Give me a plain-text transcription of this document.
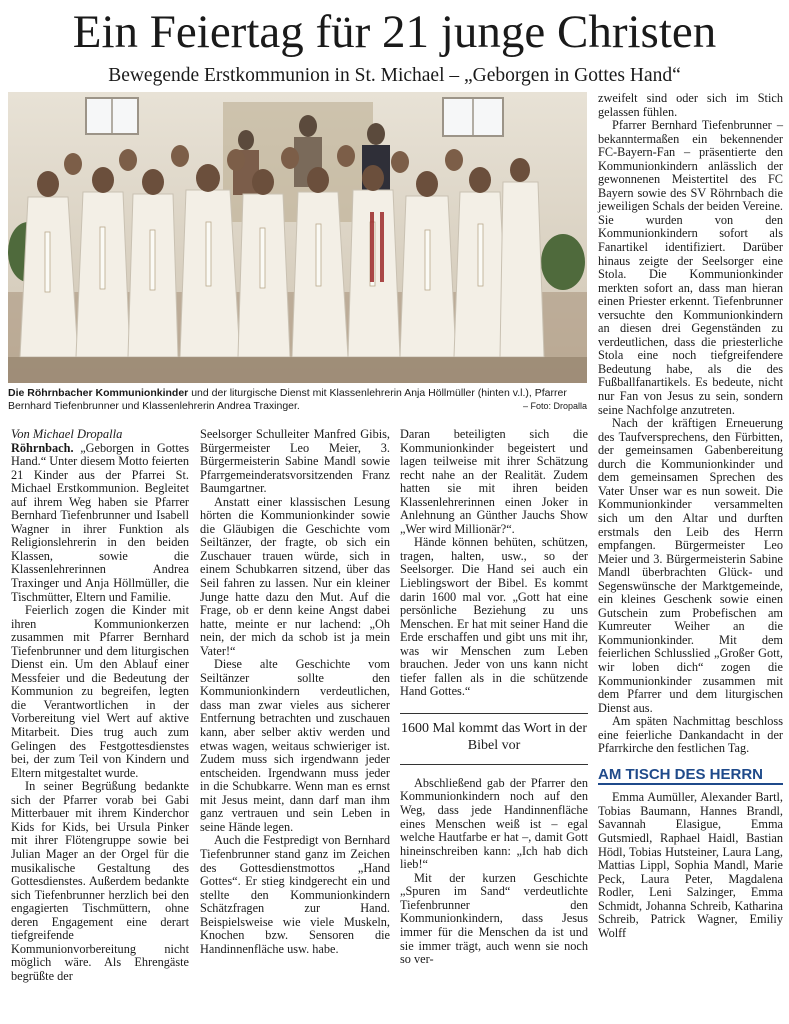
Ein Feiertag für 21 junge Christen
Bewegende Erstkommunion in St. Michael – „Geborgen in Gottes Hand“

Die Röhrnbacher Kommunionkinder und der liturgische Dienst mit Klassenlehrerin Anja Höllmüller (hinten v.l.), Pfarrer Bernhard Tiefenbrunner und Klassenlehrerin Andrea Traxinger.	– Foto: Dropalla

Von Michael Dropalla

Röhrnbach. „Geborgen in Gottes Hand.“ Unter diesem Motto feierten 21 Kinder aus der Pfarrei St. Michael Erstkommunion. Begleitet auf ihrem Weg haben sie Pfarrer Bernhard Tiefenbrunner und Isabell Wagner in ihrer Funktion als Religionslehrerin in den beiden Klassen, sowie die Klassenlehrerinnen Andrea Traxinger und Anja Höllmüller, die Tischmütter, Eltern und Familie.

Feierlich zogen die Kinder mit ihren Kommunionkerzen zusammen mit Pfarrer Bernhard Tiefenbrunner und dem liturgischen Dienst ein. Um den Ablauf einer Messfeier und die Bedeutung der Kommunion zu begreifen, legten die Verantwortlichen in der Vorbereitung viel Wert auf aktive Mitarbeit. Dies trug auch zum Gelingen des Festgottesdienstes bei, der zum Teil von Kindern und Eltern mitgestaltet wurde.

In seiner Begrüßung bedankte sich der Pfarrer vorab bei Gabi Mitterbauer mit ihrem Kinderchor Kids for Kids, bei Ursula Pinker mit ihrer Flötengruppe sowie bei Julian Mager an der Orgel für die musikalische Gestaltung des Gottesdienstes. Außerdem bedankte sich Tiefenbrunner herzlich bei den engagierten Tischmüttern, ohne deren Engagement eine derart tiefgreifende Kommunionvorbereitung nicht möglich wäre. Als Ehrengäste begrüßte der

Seelsorger Schulleiter Manfred Gibis, Bürgermeister Leo Meier, 3. Bürgermeisterin Sabine Mandl sowie Pfarrgemeinderatsvorsitzenden Franz Baumgartner.

Anstatt einer klassischen Lesung hörten die Kommunionkinder sowie die Gläubigen die Geschichte vom Seiltänzer, der fragte, ob sich ein Zuschauer trauen würde, sich in einem Schubkarren sitzend, über das Seil fahren zu lassen. Nur ein kleiner Junge hatte dazu den Mut. Auf die Frage, ob er denn keine Angst dabei hatte, meinte er nur lachend: „Oh nein, der mich da schob ist ja mein Vater!“

Diese alte Geschichte vom Seiltänzer sollte den Kommunionkindern verdeutlichen, dass man zwar vieles aus sicherer Entfernung betrachten und zuschauen kann, aber selber aktiv werden und etwas wagen, weitaus schwieriger ist. Zudem muss sich irgendwann jeder entscheiden. Irgendwann muss jeder in die Schubkarre. Wenn man es ernst mit Jesus meint, dann darf man ihm ganz vertrauen und sein Leben in seine Hände legen.

Auch die Festpredigt von Bernhard Tiefenbrunner stand ganz im Zeichen des Gottesdienstmottos „Hand Gottes“. Er stieg kindgerecht ein und stellte den Kommunionkindern Schätzfragen zur Hand. Beispielsweise wie viele Muskeln, Knochen bzw. Sensoren die Handinnenfläche usw. habe.

Daran beteiligten sich die Kommunionkinder begeistert und lagen teilweise mit ihrer Schätzung recht nahe an der Realität. Zudem hatten sie mit ihren beiden Klassenlehrerinnen einen Joker in Anlehnung an Günther Jauchs Show „Wer wird Millionär?“.

Hände können behüten, schützen, tragen, halten, usw., so der Seelsorger. Die Hand sei auch ein Lieblingswort der Bibel. Es kommt darin 1600 mal vor. „Gott hat eine persönliche Beziehung zu uns Menschen. Er hat mit seiner Hand die Erde erschaffen und gibt uns mit ihr, was wir Menschen zum Leben brauchen. Jeder von uns kann nicht tiefer fallen als in die schützende Hand Gottes.“

1600 Mal kommt das Wort in der Bibel vor

Abschließend gab der Pfarrer den Kommunionkindern noch auf den Weg, dass jede Handinnenfläche eines Menschen weiß ist – egal welche Hautfarbe er hat –, damit Gott hineinschreiben kann: „Ich hab dich lieb!“

Mit der kurzen Geschichte „Spuren im Sand“ verdeutlichte Tiefenbrunner den Kommunionkindern, dass Jesus immer für die Menschen da ist und sie immer trägt, auch wenn sie noch so ver-

zweifelt sind oder sich im Stich gelassen fühlen.

Pfarrer Bernhard Tiefenbrunner – bekanntermaßen ein bekennender FC-Bayern-Fan – präsentierte den Kommunionkindern anlässlich der gewonnenen Meistertitel des FC Bayern sowie des SV Röhrnbach die jeweiligen Schals der beiden Vereine. Sie wurden von den Kommunionkindern sofort als Fanartikel identifiziert. Darüber hinaus zeigte der Seelsorger eine Stola. Die Kommunionkinder merkten sofort an, dass man hieran einen Priester erkennt. Tiefenbrunner versuchte den Kommunionkindern an diesen drei Gegenständen zu verdeutlichen, dass die priesterliche Stola eine noch tiefgreifendere Bedeutung habe, als die des Fußballfanartikels. Es bedeute, nicht nur Fan von Jesus zu sein, sondern seine Nachfolge anzutreten.

Nach der kräftigen Erneuerung des Taufversprechens, den Fürbitten, der gemeinsamen Gabenbereitung durch die Kommunionkinder und dem gemeinsamen Sprechen des Vater Unser war es nun soweit. Die Kommunionkinder versammelten sich um den Altar und durften erstmals den Leib des Herrn empfangen. Bürgermeister Leo Meier und 3. Bürgermeisterin Sabine Mandl überbrachten Glück- und Segenswünsche der Marktgemeinde, ein kleines Geschenk sowie einen Gutschein zum Probefischen am Kumreuter Weiher an die Kommunionkinder. Mit dem feierlichen Schlusslied „Großer Gott, wir loben dich“ zogen die Kommunionkinder zusammen mit dem Pfarrer und dem liturgischen Dienst aus.

Am späten Nachmittag beschloss eine feierliche Dankandacht in der Pfarrkirche den festlichen Tag.

AM TISCH DES HERRN

Emma Aumüller, Alexander Bartl, Tobias Baumann, Hannes Brandl, Savannah Elasigue, Emma Gutsmiedl, Raphael Haidl, Bastian Hödl, Tobias Hutsteiner, Laura Lang, Mattias Lippl, Sophia Mandl, Marie Peck, Laura Peter, Magdalena Rodler, Leni Salzinger, Emma Schmidt, Johanna Schreib, Katharina Schreib, Patrick Wagner, Emiliy Wolff
